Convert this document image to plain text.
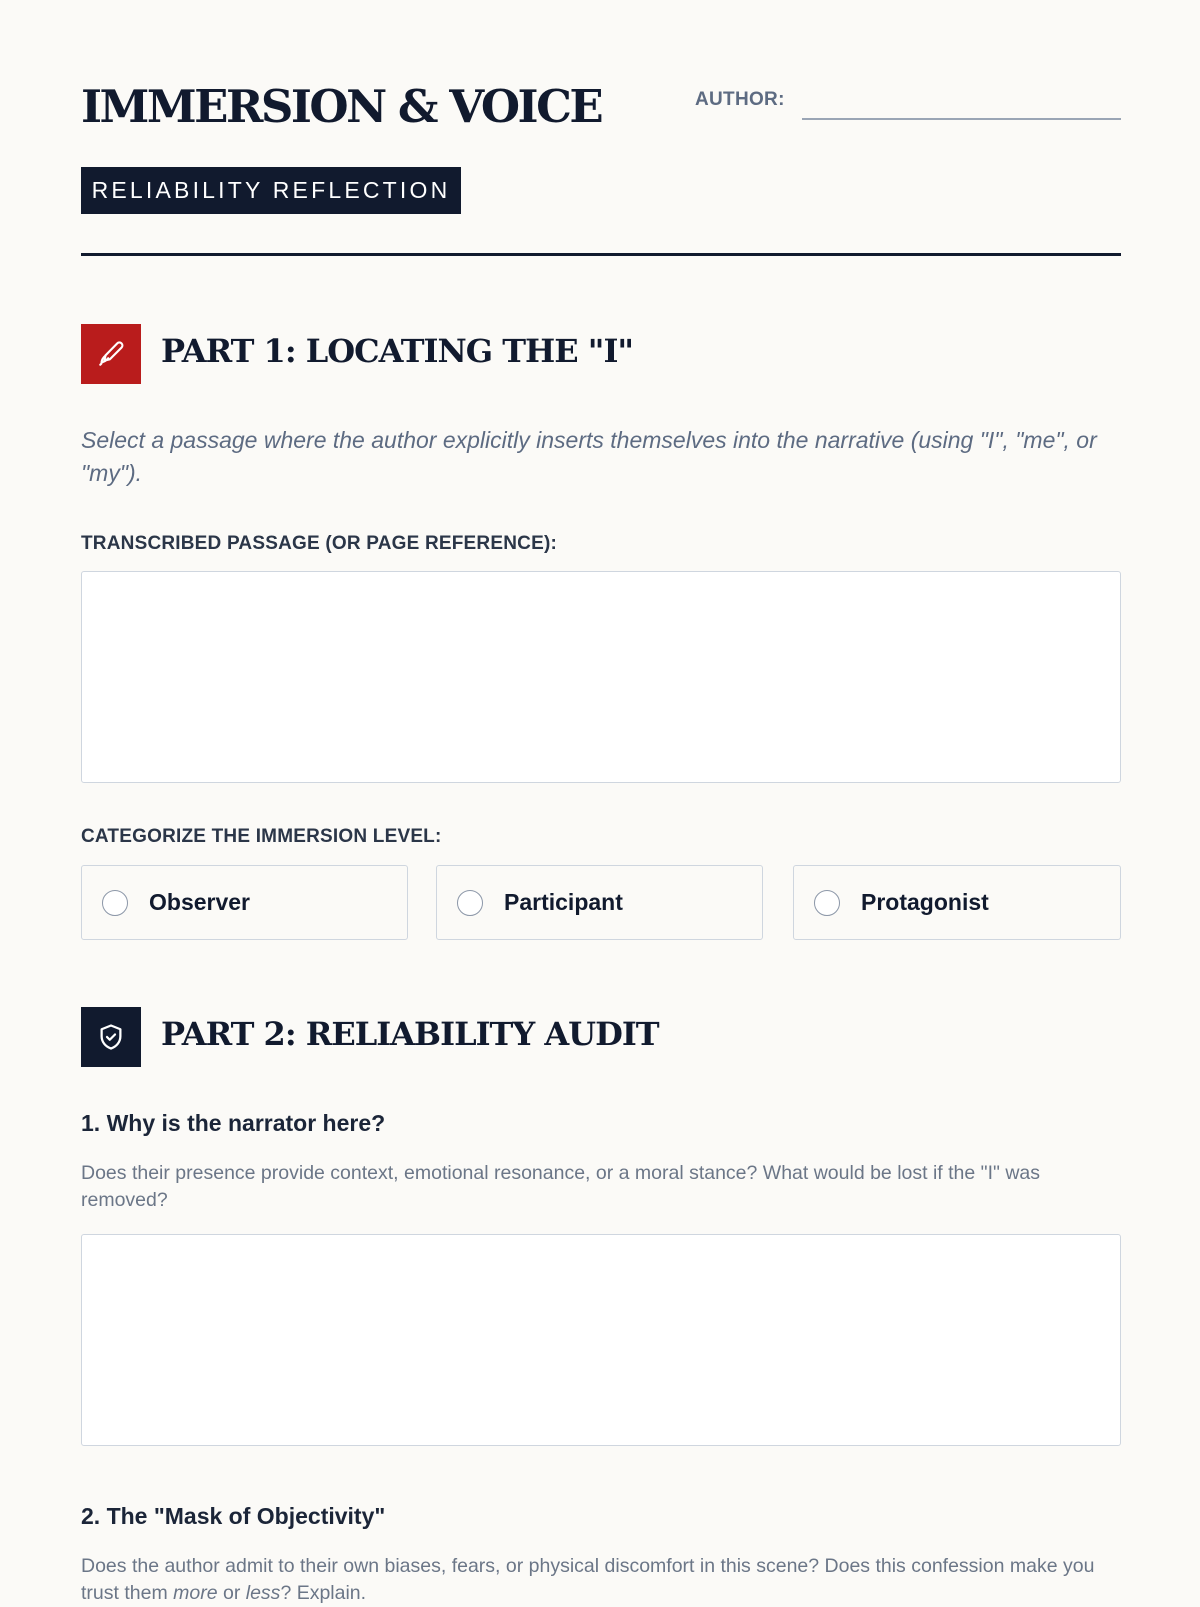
IMMERSION & VOICE	AUTHOR:
RELIABILITY REFLECTION
PART 1: LOCATING THE "I"

Select a passage where the author explicitly inserts themselves into the narrative (using "I", "me", or "my").

TRANSCRIBED PASSAGE (OR PAGE REFERENCE):
CATEGORIZE THE IMMERSION LEVEL:
Observer	Participant	Protagonist
PART 2: RELIABILITY AUDIT
1. Why is the narrator here?

Does their presence provide context, emotional resonance, or a moral stance? What would be lost if the "I" was removed?

2. The "Mask of Objectivity"

Does the author admit to their own biases, fears, or physical discomfort in this scene? Does this confession make you trust them more or less? Explain.
